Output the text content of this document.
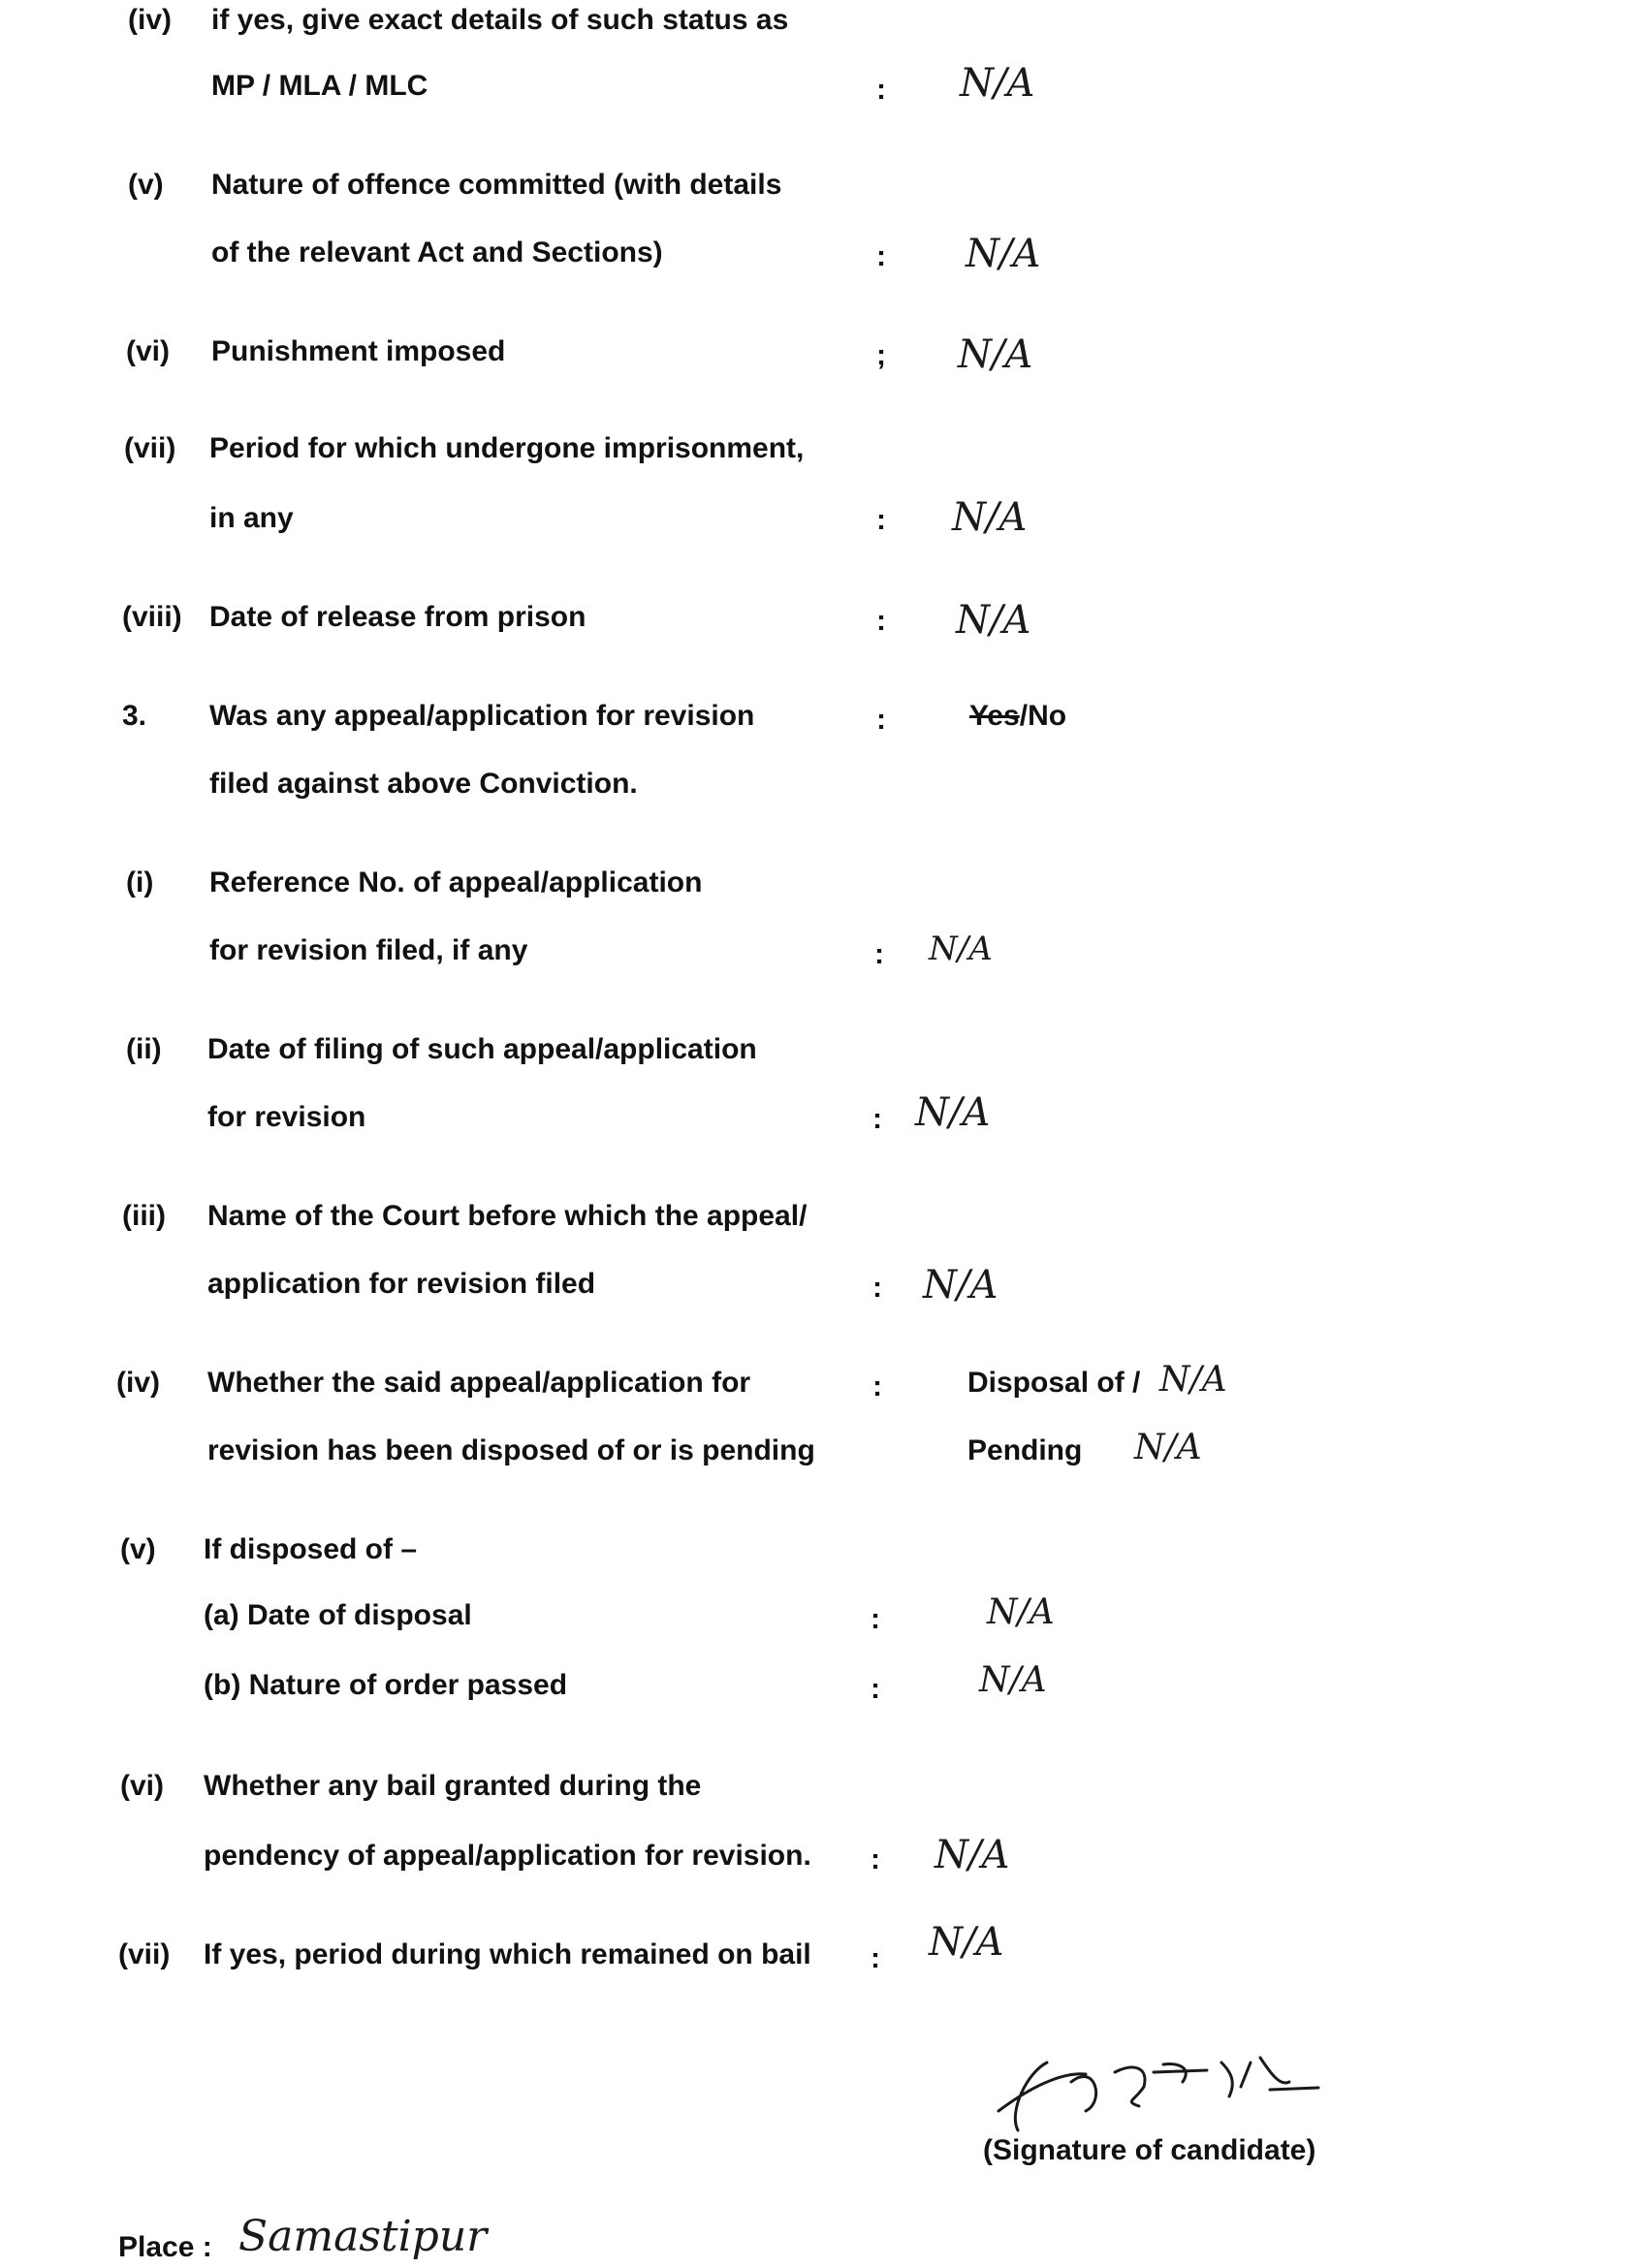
(iv) if yes, give exact details of such status as
MP / MLA / MLC	: N/A
(v) Nature of offence committed (with details
of the relevant Act and Sections)	: N/A
(vi) Punishment imposed	; N/A
(vii) Period for which undergone imprisonment,
in any	: N/A
(viii) Date of release from prison	: N/A
3. Was any appeal/application for revision
filed against above Conviction.
:	Yes/No
(i) Reference No. of appeal/application
for revision filed, if any	: N/A
(ii) Date of filing of such appeal/application
for revision	: N/A
(iii) Name of the Court before which the appeal/
application for revision filed	: N/A
(iv) Whether the said appeal/application for
revision has been disposed of or is pending
:	Disposal of / N/A
Pending N/A
(v) If disposed of –
(a) Date of disposal	:	N/A
(b) Nature of order passed	:	N/A
(vi) Whether any bail granted during the
pendency of appeal/application for revision. : N/A
(vii) If yes, period during which remained on bail : N/A
(Signature of candidate)
Place : Samastipur
